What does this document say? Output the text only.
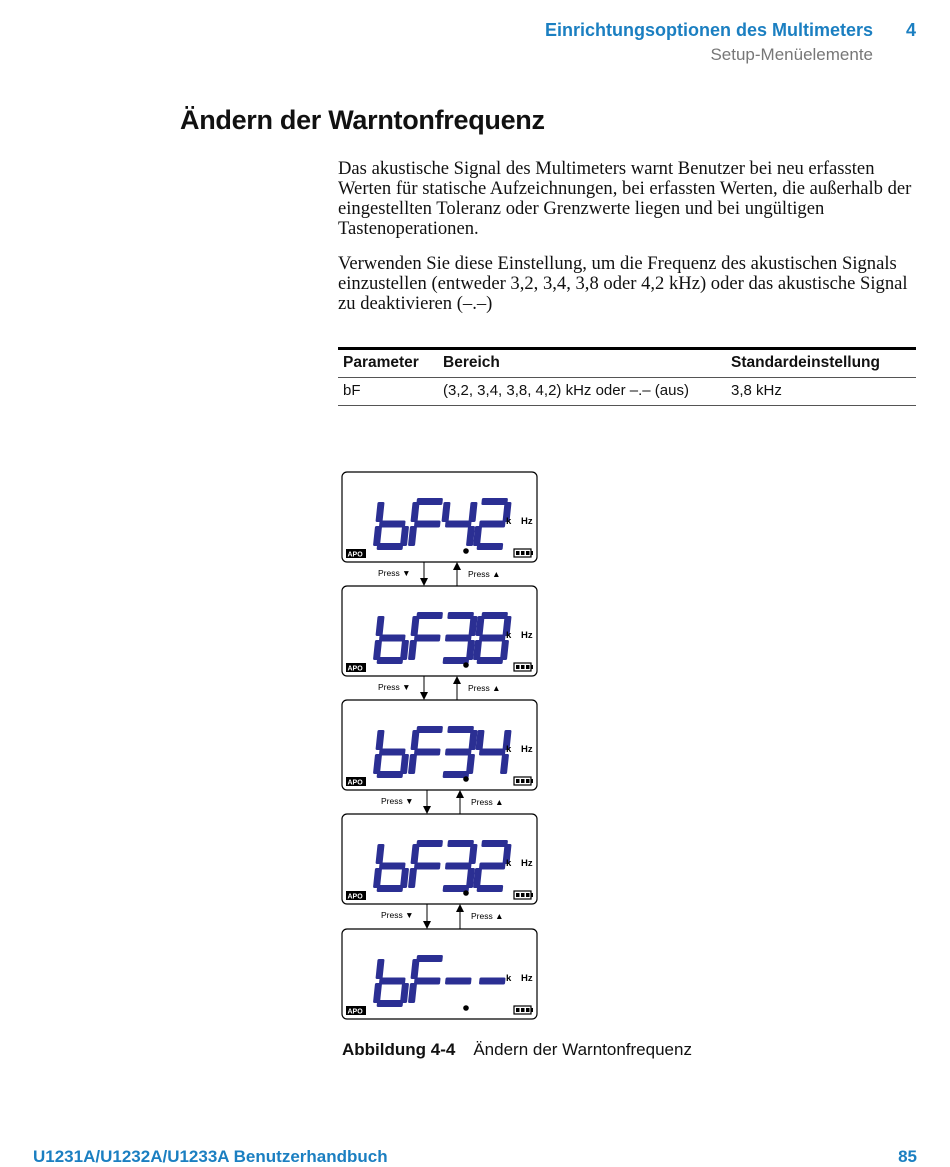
Einrichtungsoptionen des Multimeters 4
Setup-Menüelemente
Ändern der Warntonfrequenz

Das akustische Signal des Multimeters warnt Benutzer bei neu erfassten Werten für statische Aufzeichnungen, bei erfassten Werten, die außerhalb der eingestellten Toleranz oder Grenzwerte liegen und bei ungültigen Tastenoperationen.

Verwenden Sie diese Einstellung, um die Frequenz des akustischen Signals einzustellen (entweder 3,2, 3,4, 3,8 oder 4,2 kHz) oder das akustische Signal zu deaktivieren (–.–)

Parameter	Bereich	Standardeinstellung
bF	(3,2, 3,4, 3,8, 4,2) kHz oder –.– (aus)	3,8 kHz
k Hz
APO
k Hz
APO
k Hz
APO
k Hz
APO
k Hz
APO
Press ▼	Press ▲
Press ▼	Press ▲
Press ▼	Press ▲
Press ▼	Press ▲
Abbildung 4-4 Ändern der Warntonfrequenz
U1231A/U1232A/U1233A Benutzerhandbuch	85
